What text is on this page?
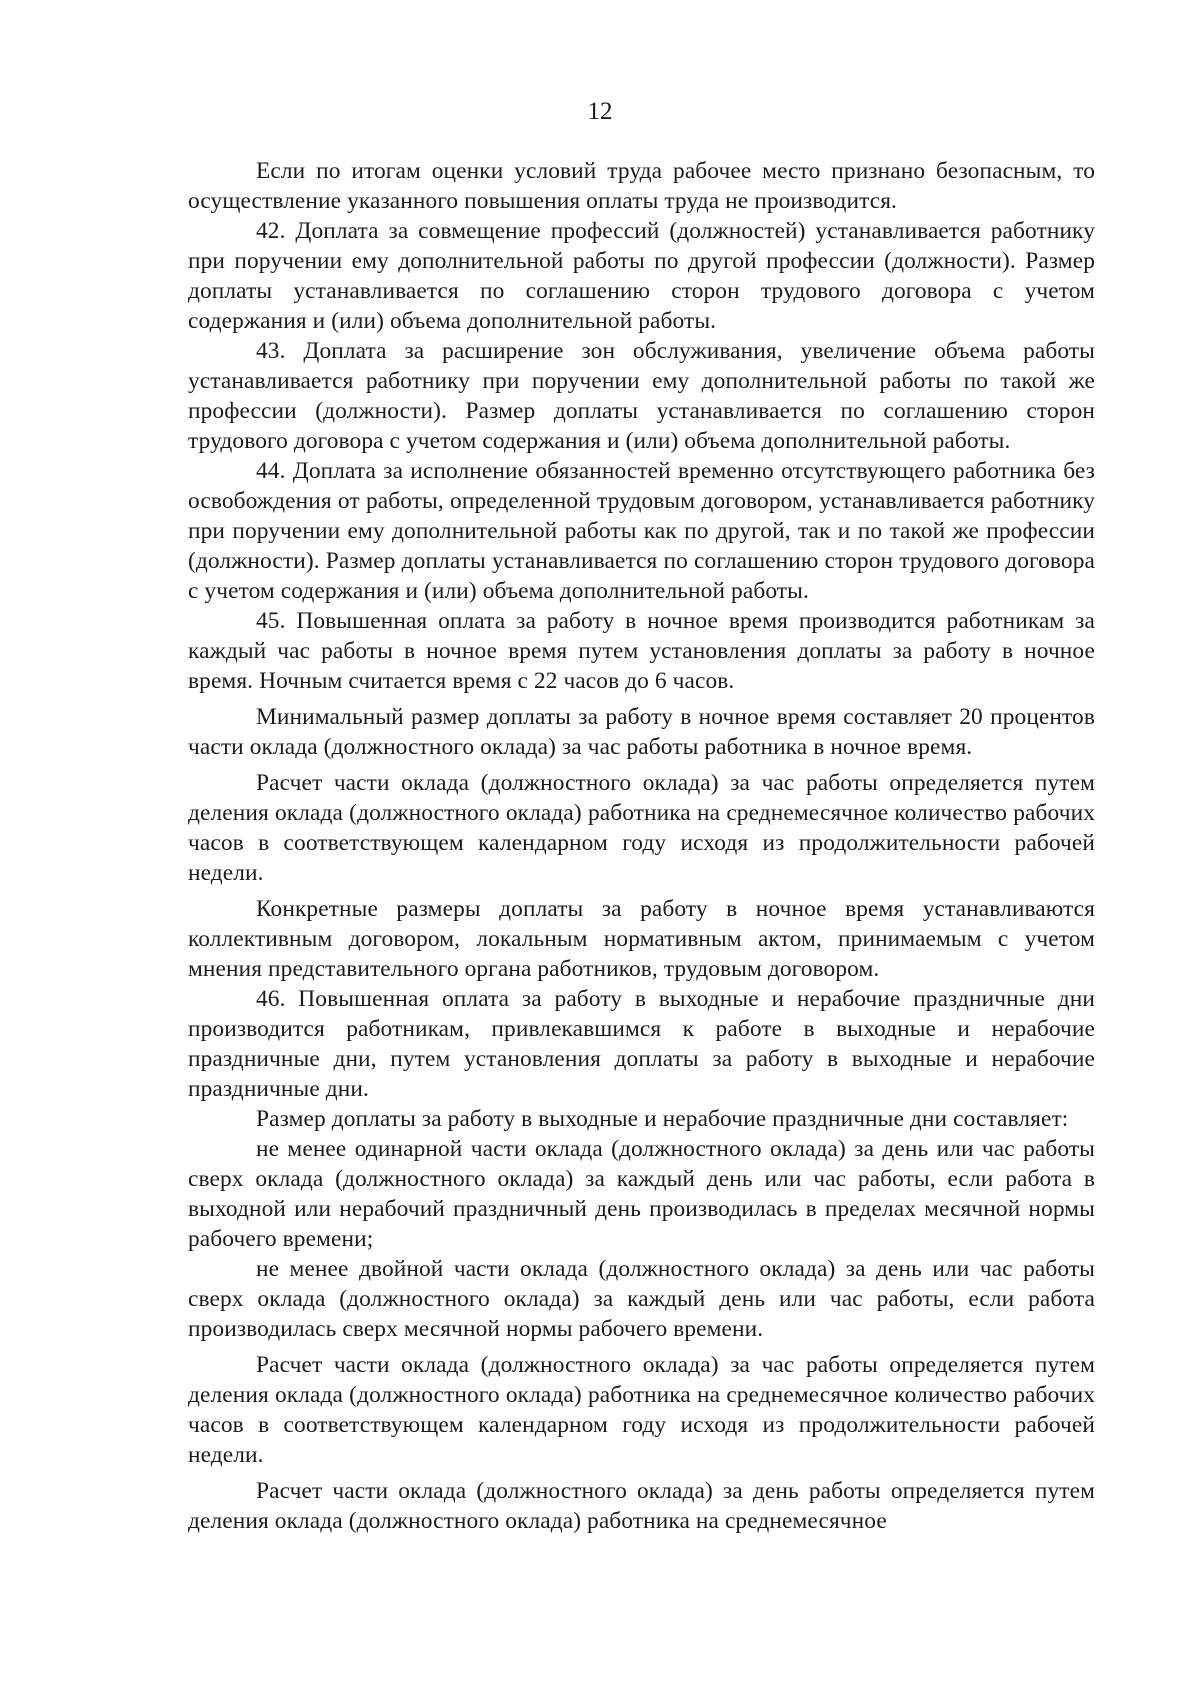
12

Если по итогам оценки условий труда рабочее место признано безопасным, то осуществление указанного повышения оплаты труда не производится.

42. Доплата за совмещение профессий (должностей) устанавливается работнику при поручении ему дополнительной работы по другой профессии (должности). Размер доплаты устанавливается по соглашению сторон трудового договора с учетом содержания и (или) объема дополнительной работы.

43. Доплата за расширение зон обслуживания, увеличение объема работы устанавливается работнику при поручении ему дополнительной работы по такой же профессии (должности). Размер доплаты устанавливается по соглашению сторон трудового договора с учетом содержания и (или) объема дополнительной работы.

44. Доплата за исполнение обязанностей временно отсутствующего работника без освобождения от работы, определенной трудовым договором, устанавливается работнику при поручении ему дополнительной работы как по другой, так и по такой же профессии (должности). Размер доплаты устанавливается по соглашению сторон трудового договора с учетом содержания и (или) объема дополнительной работы.

45. Повышенная оплата за работу в ночное время производится работникам за каждый час работы в ночное время путем установления доплаты за работу в ночное время. Ночным считается время с 22 часов до 6 часов.

Минимальный размер доплаты за работу в ночное время составляет 20 процентов части оклада (должностного оклада) за час работы работника в ночное время.

Расчет части оклада (должностного оклада) за час работы определяется путем деления оклада (должностного оклада) работника на среднемесячное количество рабочих часов в соответствующем календарном году исходя из продолжительности рабочей недели.

Конкретные размеры доплаты за работу в ночное время устанавливаются коллективным договором, локальным нормативным актом, принимаемым с учетом мнения представительного органа работников, трудовым договором.

46. Повышенная оплата за работу в выходные и нерабочие праздничные дни производится работникам, привлекавшимся к работе в выходные и нерабочие праздничные дни, путем установления доплаты за работу в выходные и нерабочие праздничные дни.

Размер доплаты за работу в выходные и нерабочие праздничные дни составляет:

не менее одинарной части оклада (должностного оклада) за день или час работы сверх оклада (должностного оклада) за каждый день или час работы, если работа в выходной или нерабочий праздничный день производилась в пределах месячной нормы рабочего времени;

не менее двойной части оклада (должностного оклада) за день или час работы сверх оклада (должностного оклада) за каждый день или час работы, если работа производилась сверх месячной нормы рабочего времени.

Расчет части оклада (должностного оклада) за час работы определяется путем деления оклада (должностного оклада) работника на среднемесячное количество рабочих часов в соответствующем календарном году исходя из продолжительности рабочей недели.

Расчет части оклада (должностного оклада) за день работы определяется путем деления оклада (должностного оклада) работника на среднемесячное
